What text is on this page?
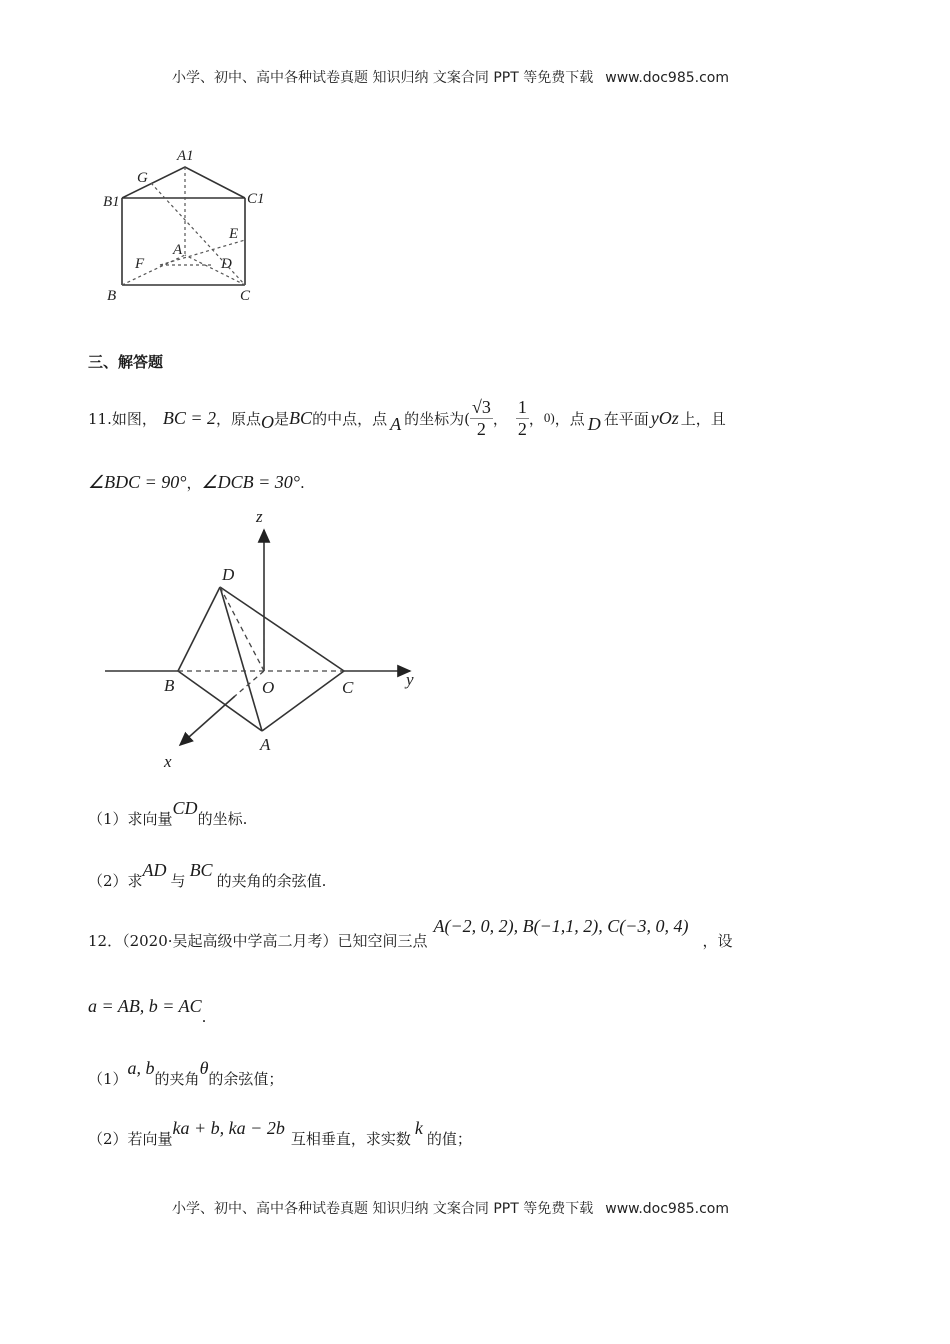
小学、初中、高中各种试卷真题 知识归纳 文案合同 PPT 等免费下载 www.doc985.com
A1
G
B1	C1
E
A
F	D
B	C
三、解答题
11.如图， BC = 2 ，原点 O 是 BC 的中点，点 A 的坐标为( $\frac{√3}{2}$ ， $\frac{1}{2}$ ， 0) ，点 D 在平面 yOz 上，且
∠BDC = 90°，∠DCB = 30°.
z
D
B	O	C	y
A
x
（1）求向量CD的坐标.
（2）求AD与BC的夹角的余弦值.
12．（2020·吴起高级中学高二月考）已知空间三点A(−2, 0, 2), B(−1,1, 2), C(−3, 0, 4)，设
a = AB, b = AC.
（1）a, b的夹角θ的余弦值；
（2）若向量ka + b, ka − 2b互相垂直，求实数k的值；
小学、初中、高中各种试卷真题 知识归纳 文案合同 PPT 等免费下载 www.doc985.com
